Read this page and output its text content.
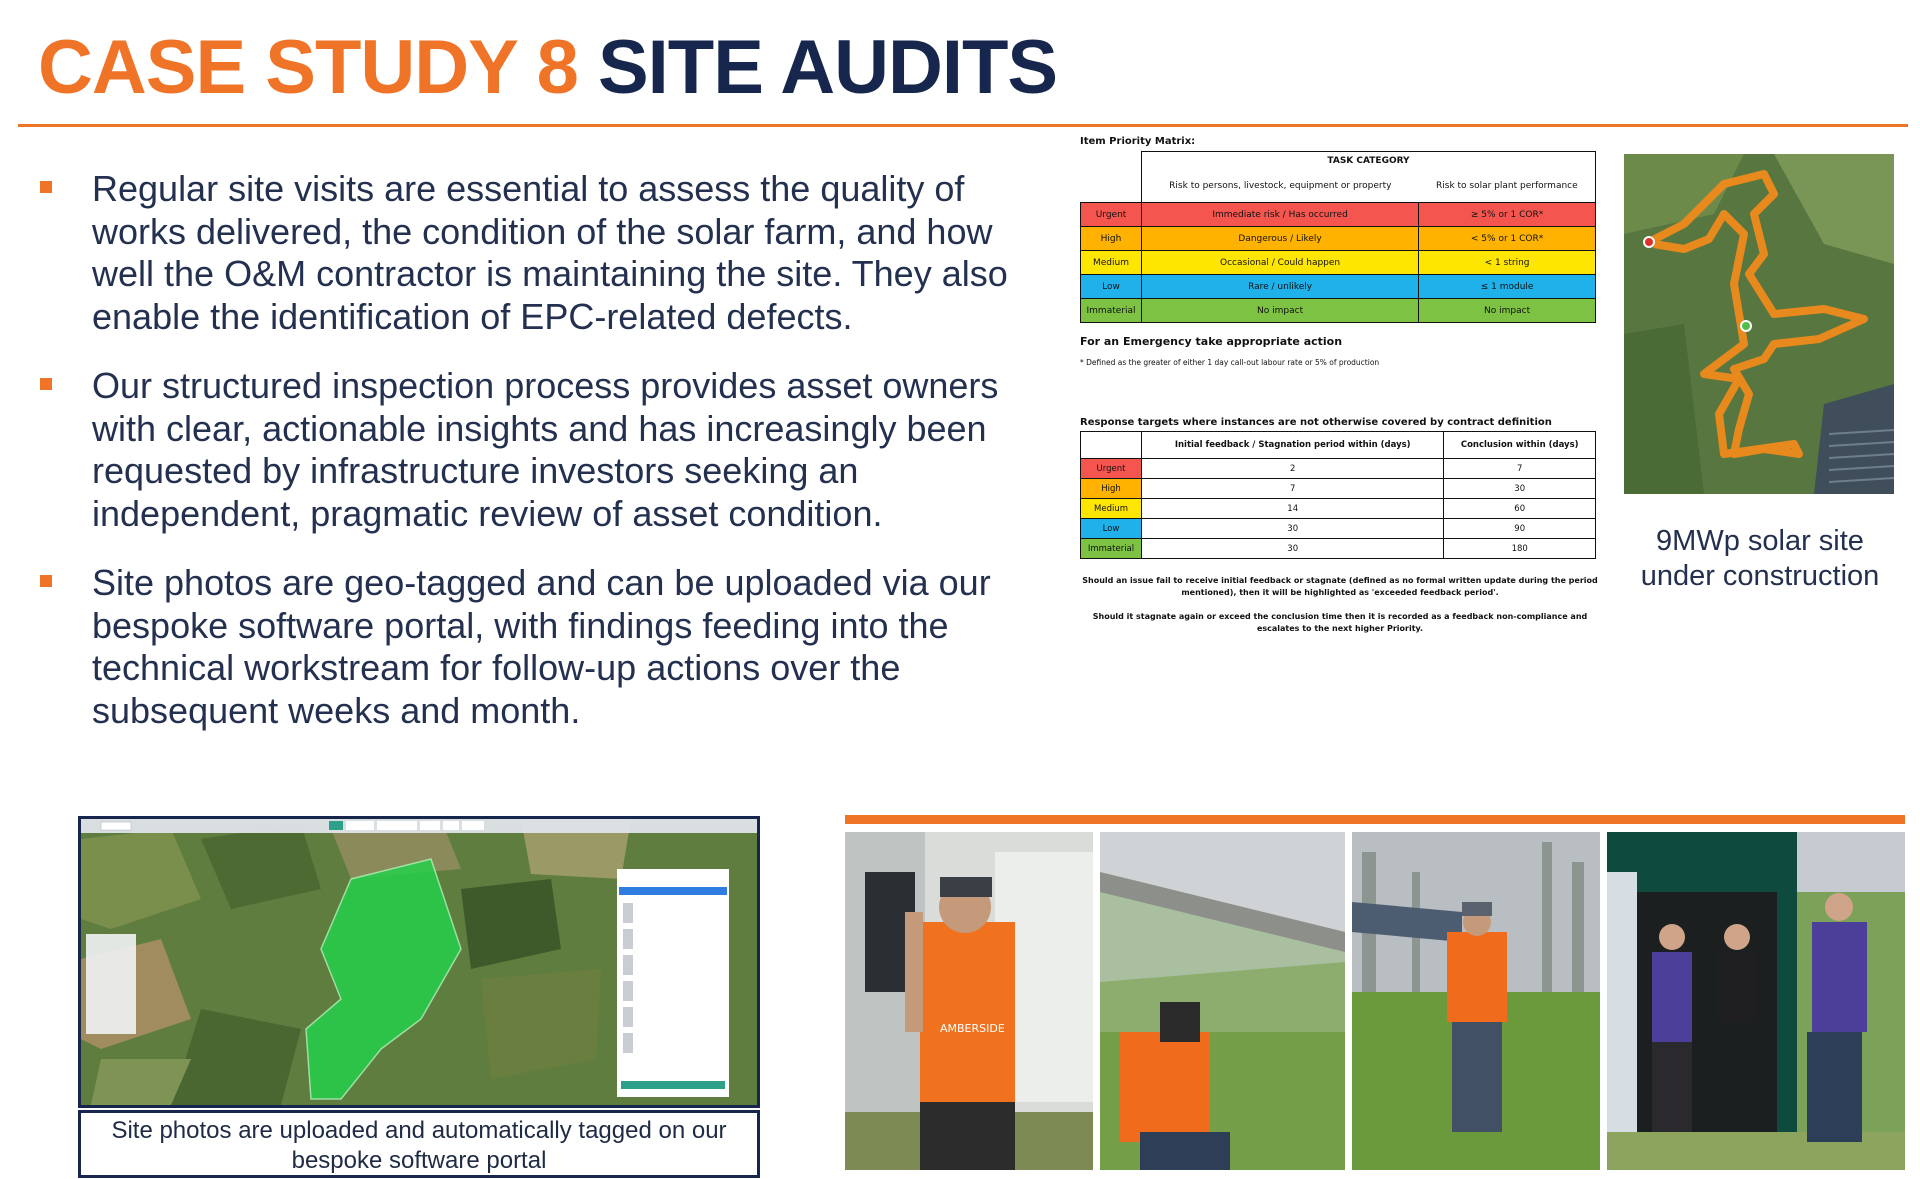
CASE STUDY 8 SITE AUDITS
Regular site visits are essential to assess the quality of works delivered, the condition of the solar farm, and how well the O&M contractor is maintaining the site. They also enable the identification of EPC-related defects.
Our structured inspection process provides asset owners with clear, actionable insights and has increasingly been requested by infrastructure investors seeking an independent, pragmatic review of asset condition.
Site photos are geo-tagged and can be uploaded via our bespoke software portal, with findings feeding into the technical workstream for follow-up actions over the subsequent weeks and month.
Item Priority Matrix:
	TASK CATEGORY	
	Risk to persons, livestock, equipment or property	Risk to solar plant performance
Urgent	Immediate risk / Has occurred	≥ 5% or 1 COR*
High	Dangerous / Likely	< 5% or 1 COR*
Medium	Occasional / Could happen	< 1 string
Low	Rare / unlikely	≤ 1 module
Immaterial	No impact	No impact
For an Emergency take appropriate action
* Defined as the greater of either 1 day call-out labour rate or 5% of production
Response targets where instances are not otherwise covered by contract definition
	Initial feedback / Stagnation period within (days)	Conclusion within (days)
Urgent	2	7
High	7	30
Medium	14	60
Low	30	90
Immaterial	30	180
Should an issue fail to receive initial feedback or stagnate (defined as no formal written update during the period mentioned), then it will be highlighted as 'exceeded feedback period'.
Should it stagnate again or exceed the conclusion time then it is recorded as a feedback non-compliance and escalates to the next higher Priority.
9MWp solar site under construction
Site photos are uploaded and automatically tagged on our bespoke software portal
AMBERSIDE
